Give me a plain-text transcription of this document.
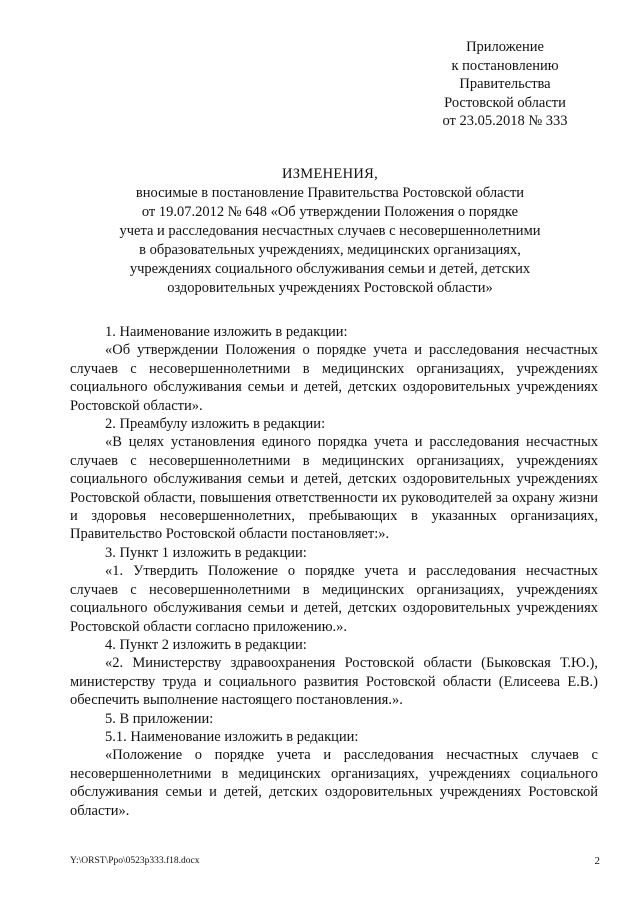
Приложение
к постановлению
Правительства
Ростовской области
от 23.05.2018 № 333
ИЗМЕНЕНИЯ,
вносимые в постановление Правительства Ростовской области
от 19.07.2012 № 648 «Об утверждении Положения о порядке
учета и расследования несчастных случаев с несовершеннолетними
в образовательных учреждениях, медицинских организациях,
учреждениях социального обслуживания семьи и детей, детских
оздоровительных учреждениях Ростовской области»

1. Наименование изложить в редакции:

«Об утверждении Положения о порядке учета и расследования несчастных случаев с несовершеннолетними в медицинских организациях, учреждениях социального обслуживания семьи и детей, детских оздоровительных учреждениях Ростовской области».

2. Преамбулу изложить в редакции:

«В целях установления единого порядка учета и расследования несчастных случаев с несовершеннолетними в медицинских организациях, учреждениях социального обслуживания семьи и детей, детских оздоровительных учреждениях Ростовской области, повышения ответственности их руководителей за охрану жизни и здоровья несовершеннолетних, пребывающих в указанных организациях, Правительство Ростовской области постановляет:».

3. Пункт 1 изложить в редакции:

«1. Утвердить Положение о порядке учета и расследования несчастных случаев с несовершеннолетними в медицинских организациях, учреждениях социального обслуживания семьи и детей, детских оздоровительных учреждениях Ростовской области согласно приложению.».

4. Пункт 2 изложить в редакции:

«2. Министерству здравоохранения Ростовской области (Быковская Т.Ю.), министерству труда и социального развития Ростовской области (Елисеева Е.В.) обеспечить выполнение настоящего постановления.».

5. В приложении:

5.1. Наименование изложить в редакции:

«Положение о порядке учета и расследования несчастных случаев с несовершеннолетними в медицинских организациях, учреждениях социального обслуживания семьи и детей, детских оздоровительных учреждениях Ростовской области».

Y:\ORST\Ppo\0523p333.f18.docx	2
